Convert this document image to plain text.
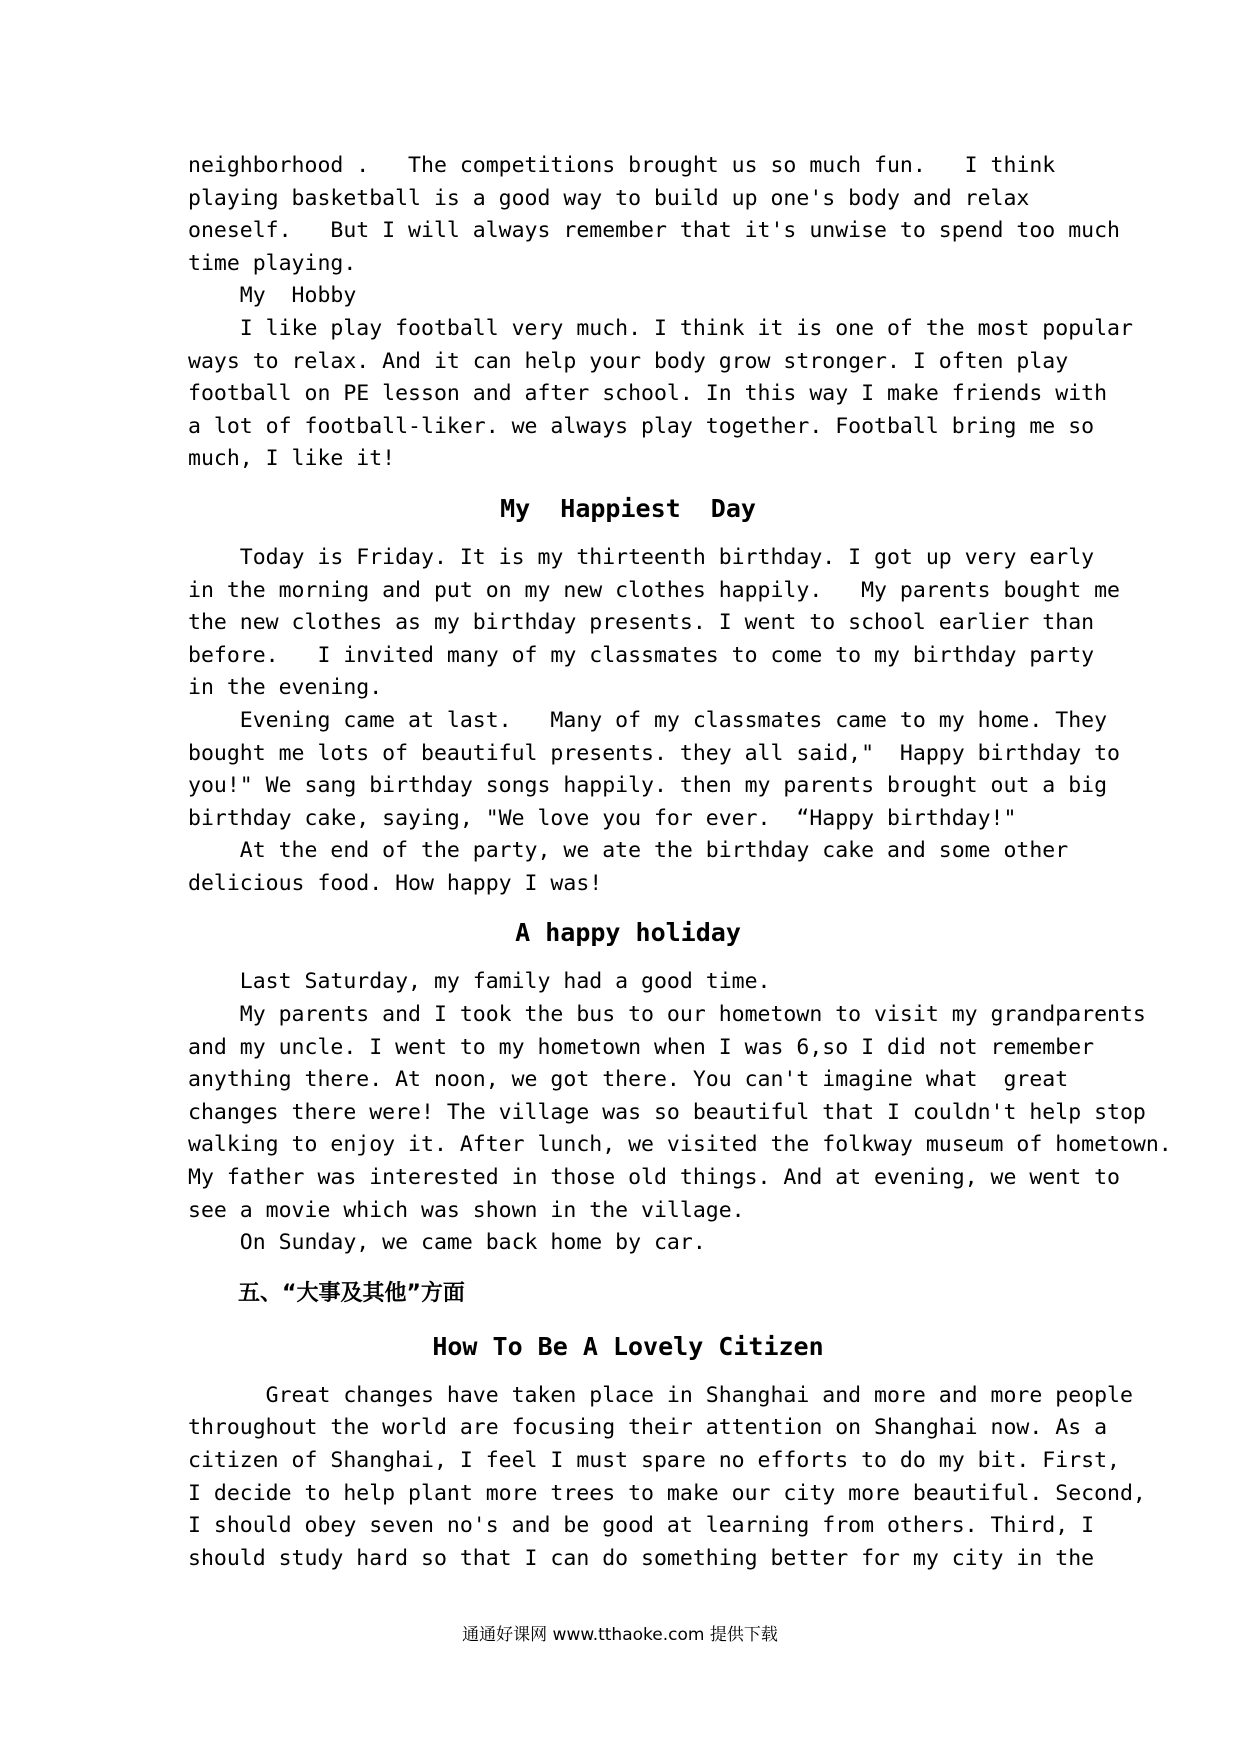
neighborhood .   The competitions brought us so much fun.   I think
playing basketball is a good way to build up one's body and relax
oneself.   But I will always remember that it's unwise to spend too much
time playing.
My  Hobby
I like play football very much. I think it is one of the most popular
ways to relax. And it can help your body grow stronger. I often play
football on PE lesson and after school. In this way I make friends with
a lot of football-liker. we always play together. Football bring me so
much, I like it!
My  Happiest  Day
Today is Friday. It is my thirteenth birthday. I got up very early
in the morning and put on my new clothes happily.   My parents bought me
the new clothes as my birthday presents. I went to school earlier than
before.   I invited many of my classmates to come to my birthday party
in the evening.
Evening came at last.   Many of my classmates came to my home. They
bought me lots of beautiful presents. they all said,"  Happy birthday to
you!" We sang birthday songs happily. then my parents brought out a big
birthday cake, saying, "We love you for ever.  “Happy birthday!"
At the end of the party, we ate the birthday cake and some other
delicious food. How happy I was!
A happy holiday
Last Saturday, my family had a good time.
My parents and I took the bus to our hometown to visit my grandparents
and my uncle. I went to my hometown when I was 6,so I did not remember
anything there. At noon, we got there. You can't imagine what  great
changes there were! The village was so beautiful that I couldn't help stop
walking to enjoy it. After lunch, we visited the folkway museum of hometown.
My father was interested in those old things. And at evening, we went to
see a movie which was shown in the village.
On Sunday, we came back home by car.
五、“大事及其他”方面
How To Be A Lovely Citizen
Great changes have taken place in Shanghai and more and more people
throughout the world are focusing their attention on Shanghai now. As a
citizen of Shanghai, I feel I must spare no efforts to do my bit. First,
I decide to help plant more trees to make our city more beautiful. Second,
I should obey seven no's and be good at learning from others. Third, I
should study hard so that I can do something better for my city in the
通通好课网 www.tthaoke.com 提供下载
